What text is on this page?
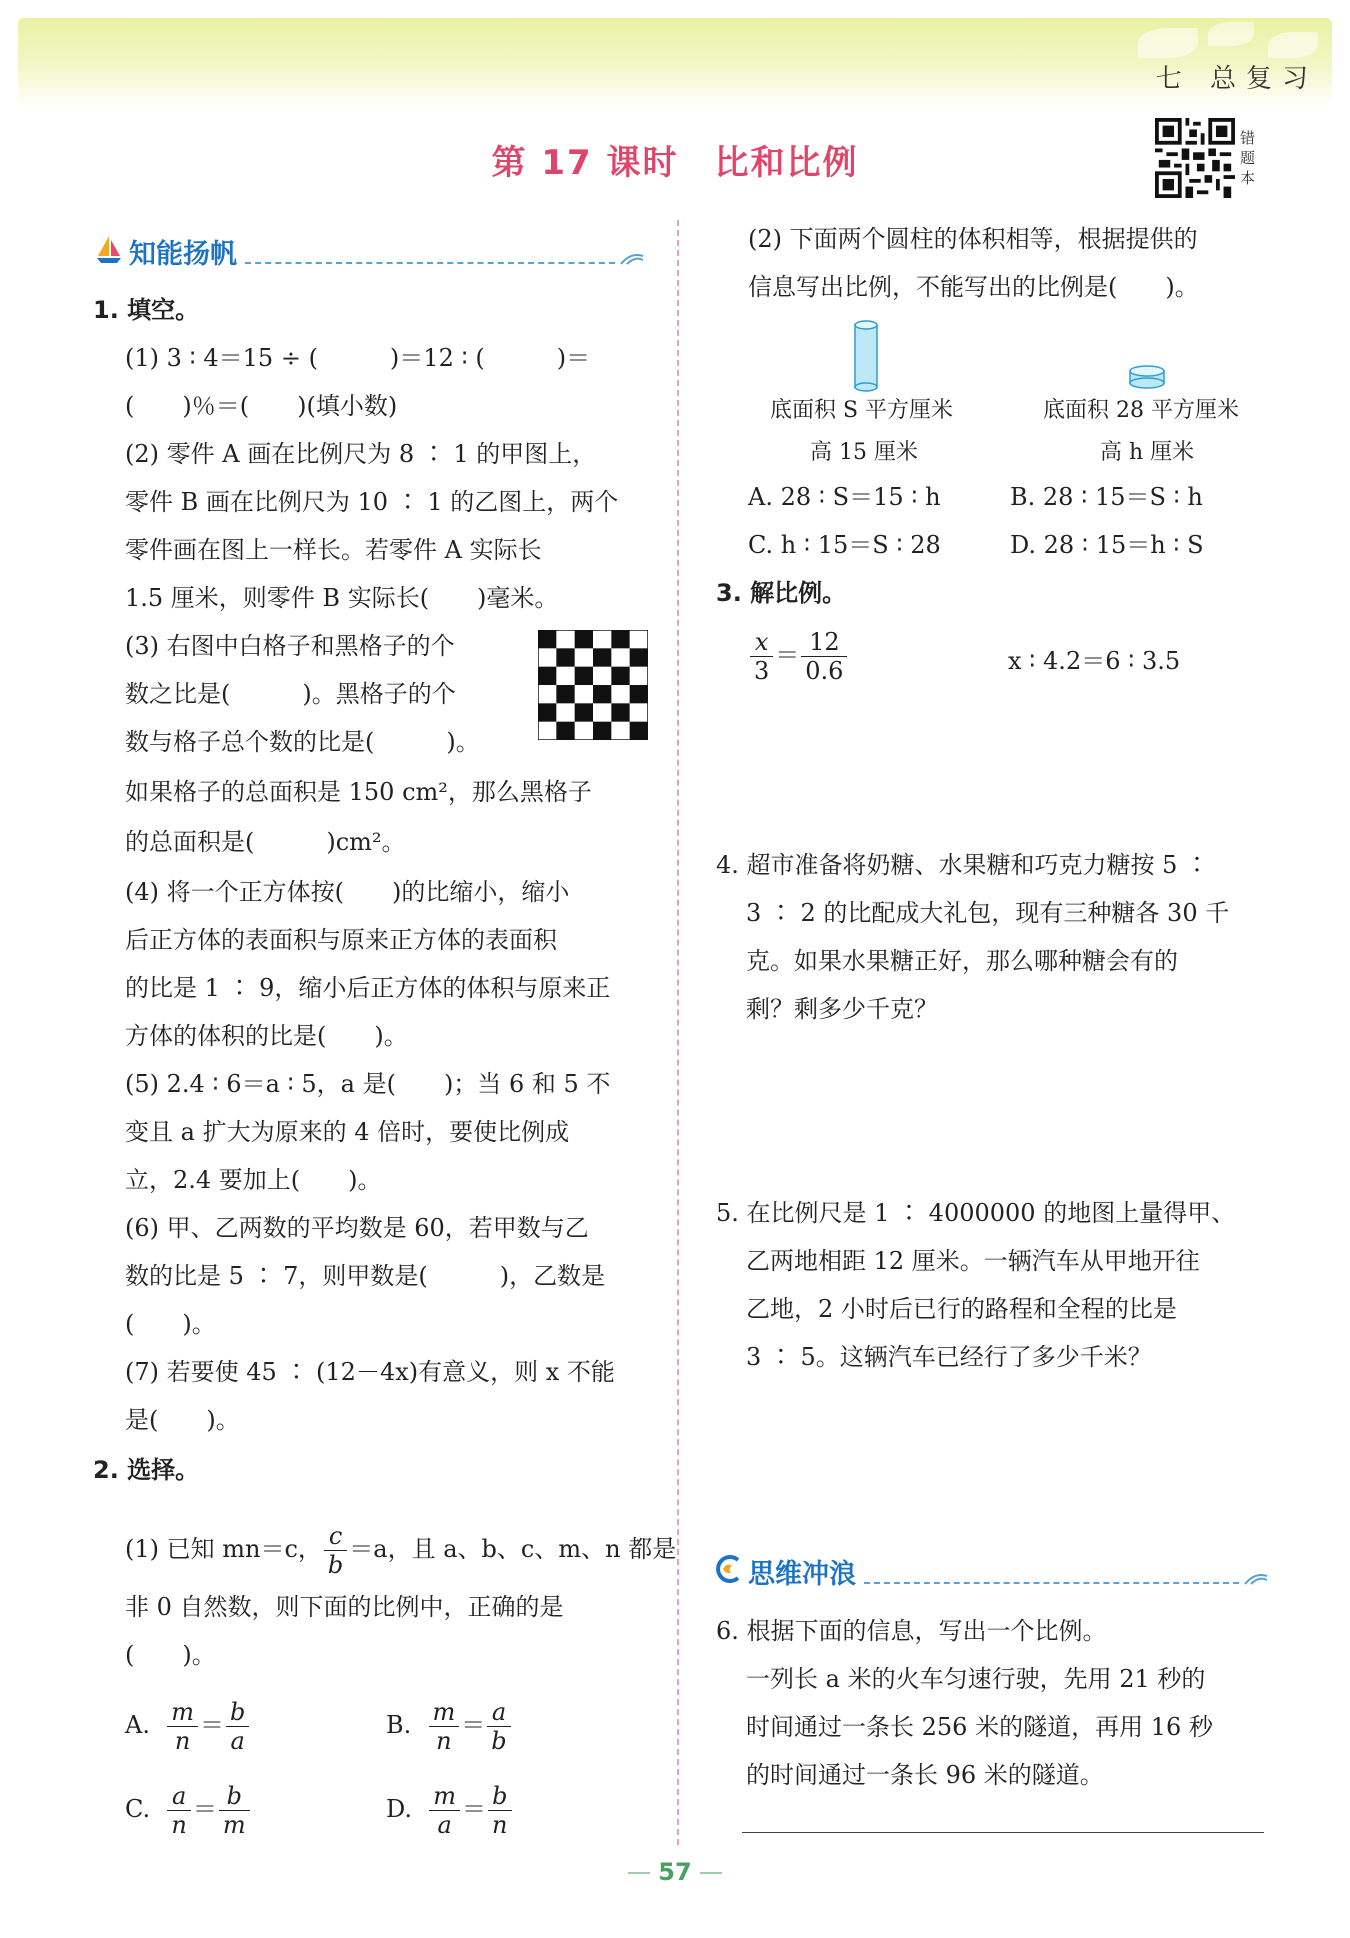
七 总复习
第 17 课时 比和比例
错题本
知能扬帆
1. 填空。
(1) 3 ∶ 4＝15 ÷ (　　　)＝12 ∶ (　　　)＝
(　　)％＝(　　)(填小数)
(2) 零件 A 画在比例尺为 8 ∶ 1 的甲图上，
零件 B 画在比例尺为 10 ∶ 1 的乙图上，两个
零件画在图上一样长。若零件 A 实际长
1.5 厘米，则零件 B 实际长(　　)毫米。
(3) 右图中白格子和黑格子的个
数之比是(　　　)。黑格子的个
数与格子总个数的比是(　　　)。
如果格子的总面积是 150 cm²，那么黑格子
的总面积是(　　　)cm²。
(4) 将一个正方体按(　　)的比缩小，缩小
后正方体的表面积与原来正方体的表面积
的比是 1 ∶ 9，缩小后正方体的体积与原来正
方体的体积的比是(　　)。
(5) 2.4 ∶ 6＝a ∶ 5，a 是(　　)；当 6 和 5 不
变且 a 扩大为原来的 4 倍时，要使比例成
立，2.4 要加上(　　)。
(6) 甲、乙两数的平均数是 60，若甲数与乙
数的比是 5 ∶ 7，则甲数是(　　　)，乙数是
(　　)。
(7) 若要使 45 ∶ (12－4x)有意义，则 x 不能
是(　　)。
2. 选择。
(1) 已知 mn＝c， $\frac{c}{b} =a$，且 a、b、c、m、n 都是
非 0 自然数，则下面的比例中，正确的是
(　　)。
A. $\frac{m}{n} = \frac{b}{a}$	B. $\frac{m}{n} = \frac{a}{b}$
C. $\frac{a}{n} = \frac{b}{m}$	D. $\frac{m}{a} = \frac{b}{n}$
(2) 下面两个圆柱的体积相等，根据提供的
信息写出比例，不能写出的比例是(　　)。
底面积 S 平方厘米
高 15 厘米
底面积 28 平方厘米
高 h 厘米
A. 28 ∶ S＝15 ∶ h	B. 28 ∶ 15＝S ∶ h
C. h ∶ 15＝S ∶ 28	D. 28 ∶ 15＝h ∶ S
3. 解比例。
$\frac{x}{3} = \frac{12}{0.6}$	x ∶ 4.2＝6 ∶ 3.5
4. 超市准备将奶糖、水果糖和巧克力糖按 5 ∶
3 ∶ 2 的比配成大礼包，现有三种糖各 30 千
克。如果水果糖正好，那么哪种糖会有的
剩？剩多少千克？
5. 在比例尺是 1 ∶ 4000000 的地图上量得甲、
乙两地相距 12 厘米。一辆汽车从甲地开往
乙地，2 小时后已行的路程和全程的比是
3 ∶ 5。这辆汽车已经行了多少千米？
思维冲浪
6. 根据下面的信息，写出一个比例。
一列长 a 米的火车匀速行驶，先用 21 秒的
时间通过一条长 256 米的隧道，再用 16 秒
的时间通过一条长 96 米的隧道。
57
